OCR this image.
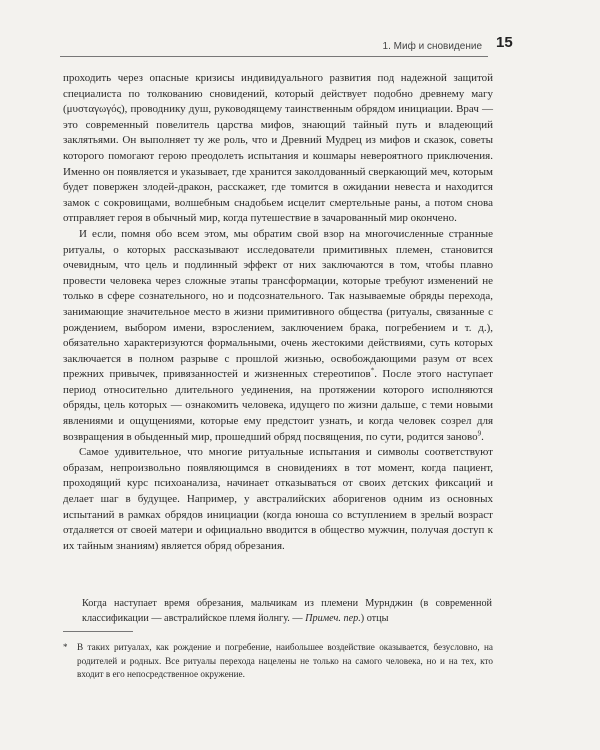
1. Миф и сновидение 15

проходить через опасные кризисы индивидуального развития под надежной защитой специалиста по толкованию сновидений, который действует подобно древнему магу (μυσταγωγός), проводнику душ, руководящему таинственным обрядом инициации. Врач — это современный повелитель царства мифов, знающий тайный путь и владеющий заклятьями. Он выполняет ту же роль, что и Древний Мудрец из мифов и сказок, советы которого помогают герою преодолеть испытания и кошмары невероятного приключения. Именно он появляется и указывает, где хранится заколдованный сверкающий меч, которым будет повержен злодей-дракон, расскажет, где томится в ожидании невеста и находится замок с сокровищами, волшебным снадобьем исцелит смертельные раны, а потом снова отправляет героя в обычный мир, когда путешествие в зачарованный мир окончено.

И если, помня обо всем этом, мы обратим свой взор на многочисленные странные ритуалы, о которых рассказывают исследователи примитивных племен, становится очевидным, что цель и подлинный эффект от них заключаются в том, чтобы плавно провести человека через сложные этапы трансформации, которые требуют изменений не только в сфере сознательного, но и подсознательного. Так называемые обряды перехода, занимающие значительное место в жизни примитивного общества (ритуалы, связанные с рождением, выбором имени, взрослением, заключением брака, погребением и т. д.), обязательно характеризуются формальными, очень жестокими действиями, суть которых заключается в полном разрыве с прошлой жизнью, освобождающими разум от всех прежних привычек, привязанностей и жизненных стереотипов*. После этого наступает период относительно длительного уединения, на протяжении которого исполняются обряды, цель которых — ознакомить человека, идущего по жизни дальше, с теми новыми явлениями и ощущениями, которые ему предстоит узнать, и когда человек созрел для возвращения в обыденный мир, прошедший обряд посвящения, по сути, родится заново$^9$.

Самое удивительное, что многие ритуальные испытания и символы соответствуют образам, непроизвольно появляющимся в сновидениях в тот момент, когда пациент, проходящий курс психоанализа, начинает отказываться от своих детских фиксаций и делает шаг в будущее. Например, у австралийских аборигенов одним из основных испытаний в рамках обрядов инициации (когда юноша со вступлением в зрелый возраст отдаляется от своей матери и официально вводится в общество мужчин, получая доступ к их тайным знаниям) является обряд обрезания.

Когда наступает время обрезания, мальчикам из племени Мурнджин (в современной классификации — австралийское племя йолнгу. — Примеч. пер.) отцы
*	В таких ритуалах, как рождение и погребение, наибольшее воздействие оказывается, безусловно, на родителей и родных. Все ритуалы перехода нацелены не только на самого человека, но и на тех, кто входит в его непосредственное окружение.
